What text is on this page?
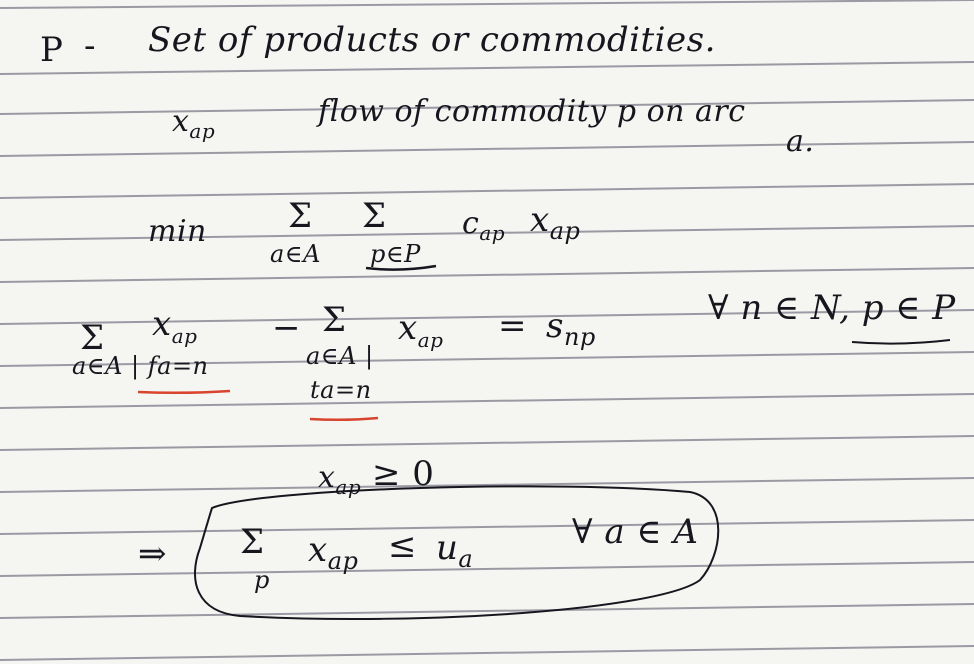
P - Set of products or commodities.
$x_{ap}$
flow of commodity p on arc
a.
min Σ
a∈A
Σ
p∈P
$c_{ap}$ $x_{ap}$
Σ $x_{ap}$
a∈A | fa=n
− Σ
a∈A |
ta=n
$x_{ap} = s_{np}$
∀ n ∈ N, p ∈ P
$x_{ap} \ge 0$
⇒ Σ
p
$x_{ap} \le u_a$
∀ a ∈ A
